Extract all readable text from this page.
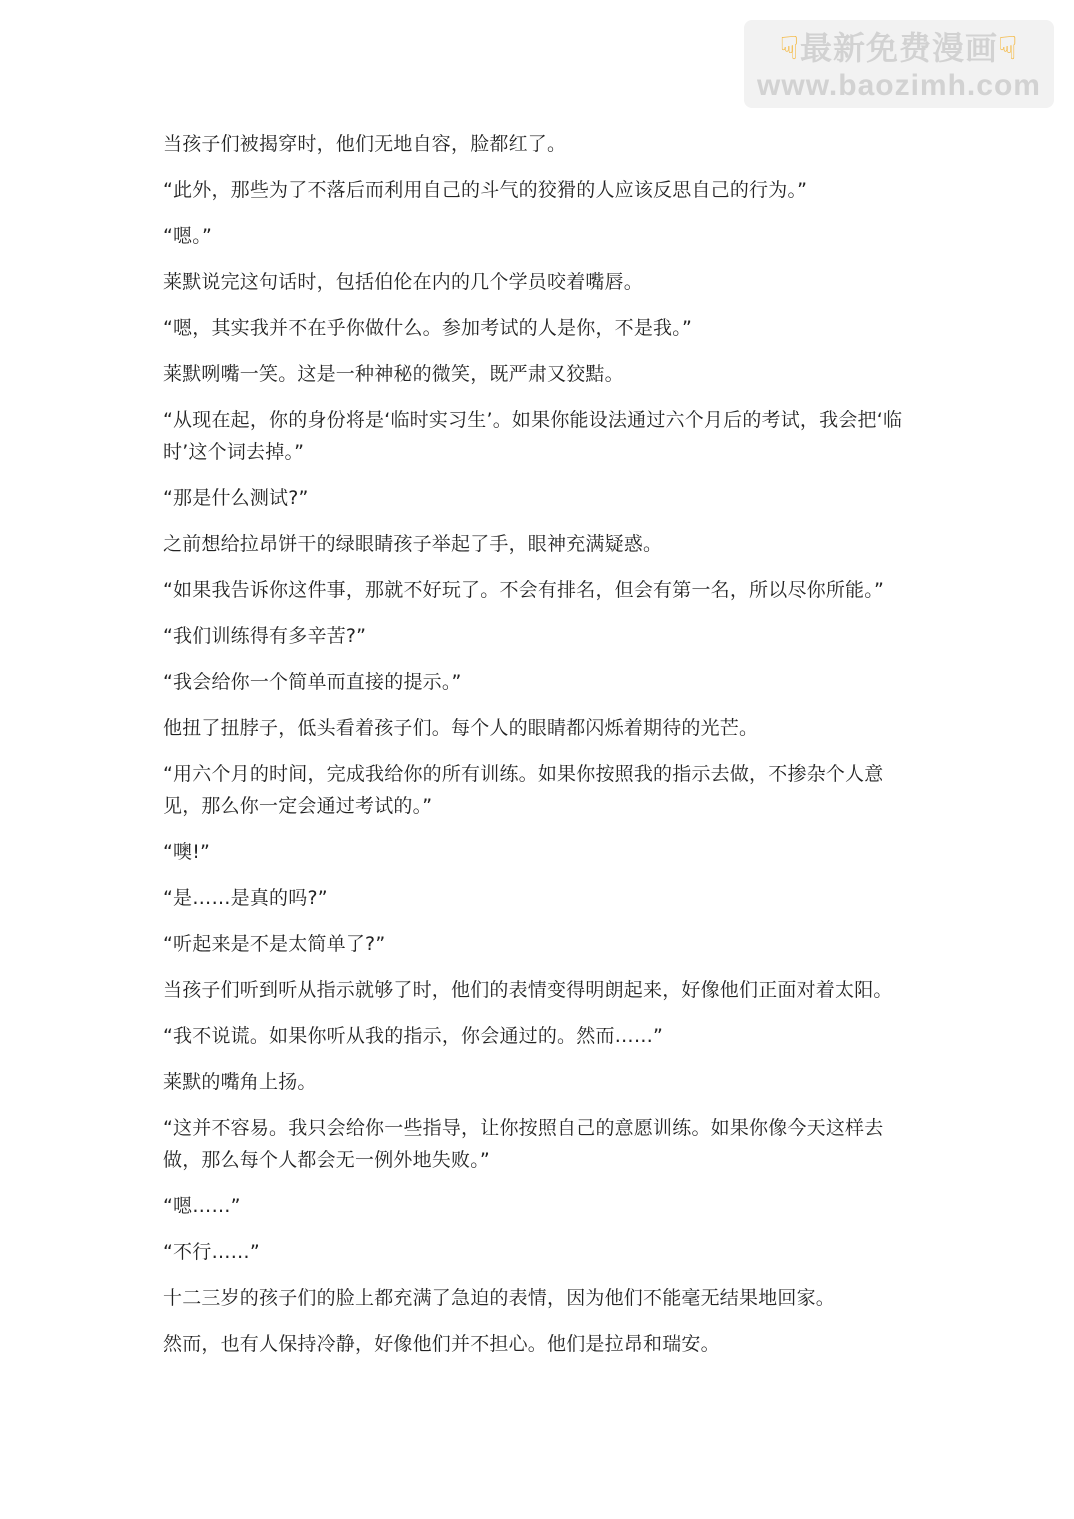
☟最新免费漫画☟
www.baozimh.com

当孩子们被揭穿时，他们无地自容，脸都红了。

“此外，那些为了不落后而利用自己的斗气的狡猾的人应该反思自己的行为。”

“嗯。”

莱默说完这句话时，包括伯伦在内的几个学员咬着嘴唇。

“嗯，其实我并不在乎你做什么。参加考试的人是你，不是我。”

莱默咧嘴一笑。这是一种神秘的微笑，既严肃又狡黠。

“从现在起，你的身份将是‘临时实习生’。如果你能设法通过六个月后的考试，我会把‘临时’这个词去掉。”

“那是什么测试?”

之前想给拉昂饼干的绿眼睛孩子举起了手，眼神充满疑惑。

“如果我告诉你这件事，那就不好玩了。不会有排名，但会有第一名，所以尽你所能。”

“我们训练得有多辛苦?”

“我会给你一个简单而直接的提示。”

他扭了扭脖子，低头看着孩子们。每个人的眼睛都闪烁着期待的光芒。

“用六个月的时间，完成我给你的所有训练。如果你按照我的指示去做，不掺杂个人意见，那么你一定会通过考试的。”

“噢!”

“是……是真的吗?”

“听起来是不是太简单了?”

当孩子们听到听从指示就够了时，他们的表情变得明朗起来，好像他们正面对着太阳。

“我不说谎。如果你听从我的指示，你会通过的。然而……”

莱默的嘴角上扬。

“这并不容易。我只会给你一些指导，让你按照自己的意愿训练。如果你像今天这样去做，那么每个人都会无一例外地失败。”

“嗯……”

“不行……”

十二三岁的孩子们的脸上都充满了急迫的表情，因为他们不能毫无结果地回家。

然而，也有人保持冷静，好像他们并不担心。他们是拉昂和瑞安。
